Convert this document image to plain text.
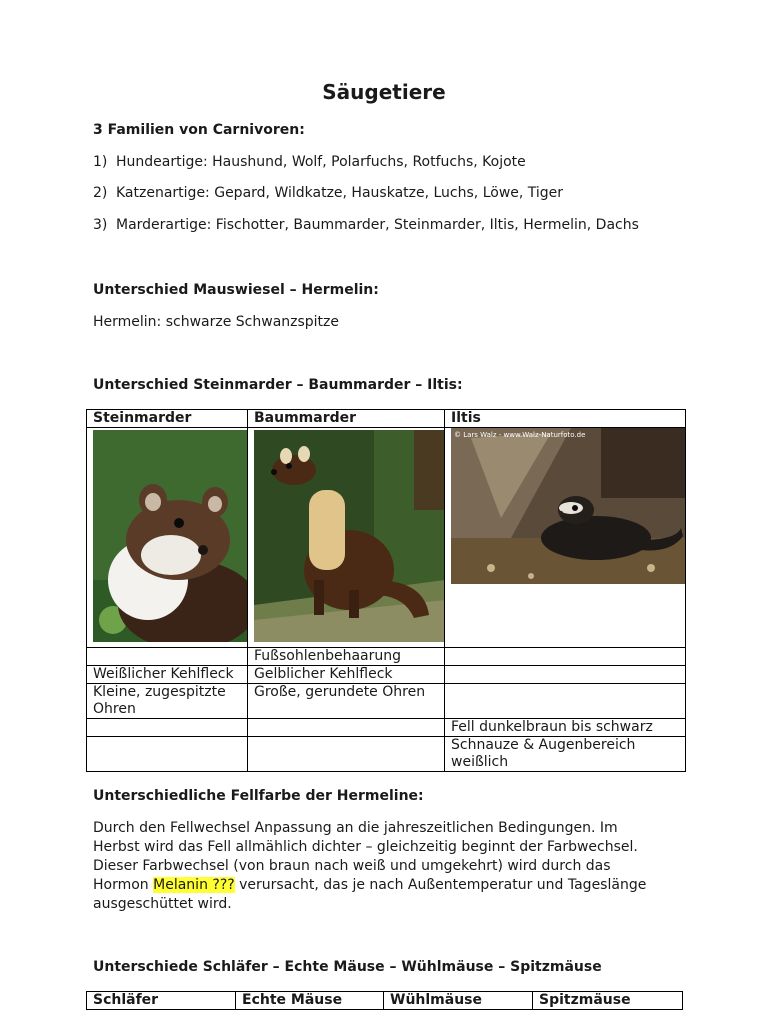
Säugetiere
3 Familien von Carnivoren:
1) Hundeartige: Haushund, Wolf, Polarfuchs, Rotfuchs, Kojote
2) Katzenartige: Gepard, Wildkatze, Hauskatze, Luchs, Löwe, Tiger
3) Marderartige: Fischotter, Baummarder, Steinmarder, Iltis, Hermelin, Dachs
Unterschied Mauswiesel – Hermelin:
Hermelin: schwarze Schwanzspitze
Unterschied Steinmarder – Baummarder – Iltis:
Steinmarder	Baummarder	Iltis

© Lars Walz - www.Walz-Naturfoto.de

	Fußsohlenbehaarung	
Weißlicher Kehlfleck	Gelblicher Kehlfleck	
Kleine, zugespitzte Ohren	Große, gerundete Ohren	
		Fell dunkelbraun bis schwarz
		Schnauze & Augenbereich weißlich
Unterschiedliche Fellfarbe der Hermeline:
Durch den Fellwechsel Anpassung an die jahreszeitlichen Bedingungen. Im Herbst wird das Fell allmählich dichter – gleichzeitig beginnt der Farbwechsel. Dieser Farbwechsel (von braun nach weiß und umgekehrt) wird durch das Hormon Melanin ??? verursacht, das je nach Außentemperatur und Tageslänge ausgeschüttet wird.
Unterschiede Schläfer – Echte Mäuse – Wühlmäuse – Spitzmäuse
Schläfer	Echte Mäuse	Wühlmäuse	Spitzmäuse
